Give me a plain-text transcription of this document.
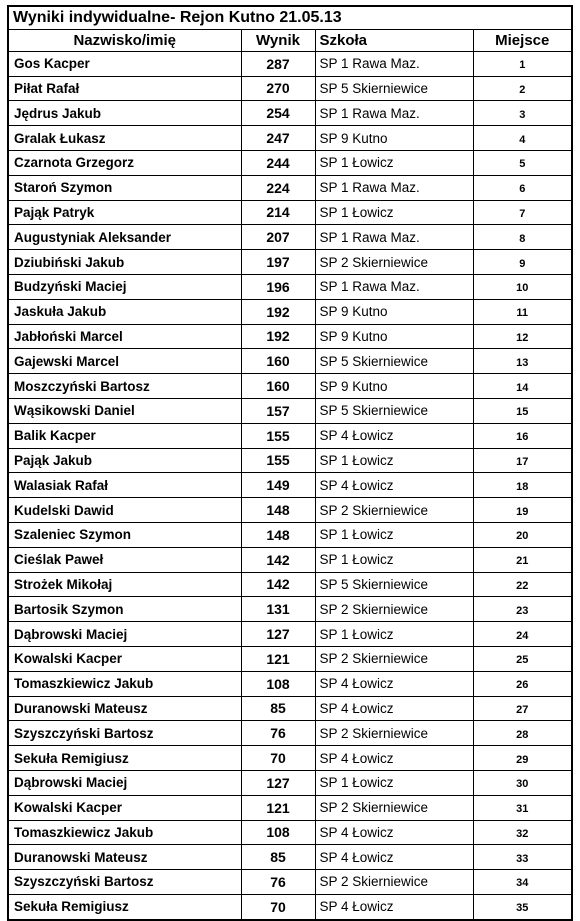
Wyniki indywidualne- Rejon Kutno 21.05.13
Nazwisko/imię	Wynik	Szkoła	Miejsce
Gos Kacper	287	SP 1 Rawa Maz.	1
Piłat Rafał	270	SP 5 Skierniewice	2
Jędrus Jakub	254	SP 1 Rawa Maz.	3
Gralak Łukasz	247	SP 9 Kutno	4
Czarnota Grzegorz	244	SP 1 Łowicz	5
Staroń Szymon	224	SP 1 Rawa Maz.	6
Pająk Patryk	214	SP 1 Łowicz	7
Augustyniak Aleksander	207	SP 1 Rawa Maz.	8
Dziubiński Jakub	197	SP 2 Skierniewice	9
Budzyński Maciej	196	SP 1 Rawa Maz.	10
Jaskuła Jakub	192	SP 9 Kutno	11
Jabłoński Marcel	192	SP 9 Kutno	12
Gajewski Marcel	160	SP 5 Skierniewice	13
Moszczyński Bartosz	160	SP 9 Kutno	14
Wąsikowski Daniel	157	SP 5 Skierniewice	15
Balik Kacper	155	SP 4 Łowicz	16
Pająk Jakub	155	SP 1 Łowicz	17
Walasiak Rafał	149	SP 4 Łowicz	18
Kudelski Dawid	148	SP 2 Skierniewice	19
Szaleniec Szymon	148	SP 1 Łowicz	20
Cieślak Paweł	142	SP 1 Łowicz	21
Strożek Mikołaj	142	SP 5 Skierniewice	22
Bartosik Szymon	131	SP 2 Skierniewice	23
Dąbrowski Maciej	127	SP 1 Łowicz	24
Kowalski Kacper	121	SP 2 Skierniewice	25
Tomaszkiewicz Jakub	108	SP 4 Łowicz	26
Duranowski Mateusz	85	SP 4 Łowicz	27
Szyszczyński Bartosz	76	SP 2 Skierniewice	28
Sekuła Remigiusz	70	SP 4 Łowicz	29
Dąbrowski Maciej	127	SP 1 Łowicz	30
Kowalski Kacper	121	SP 2 Skierniewice	31
Tomaszkiewicz Jakub	108	SP 4 Łowicz	32
Duranowski Mateusz	85	SP 4 Łowicz	33
Szyszczyński Bartosz	76	SP 2 Skierniewice	34
Sekuła Remigiusz	70	SP 4 Łowicz	35
